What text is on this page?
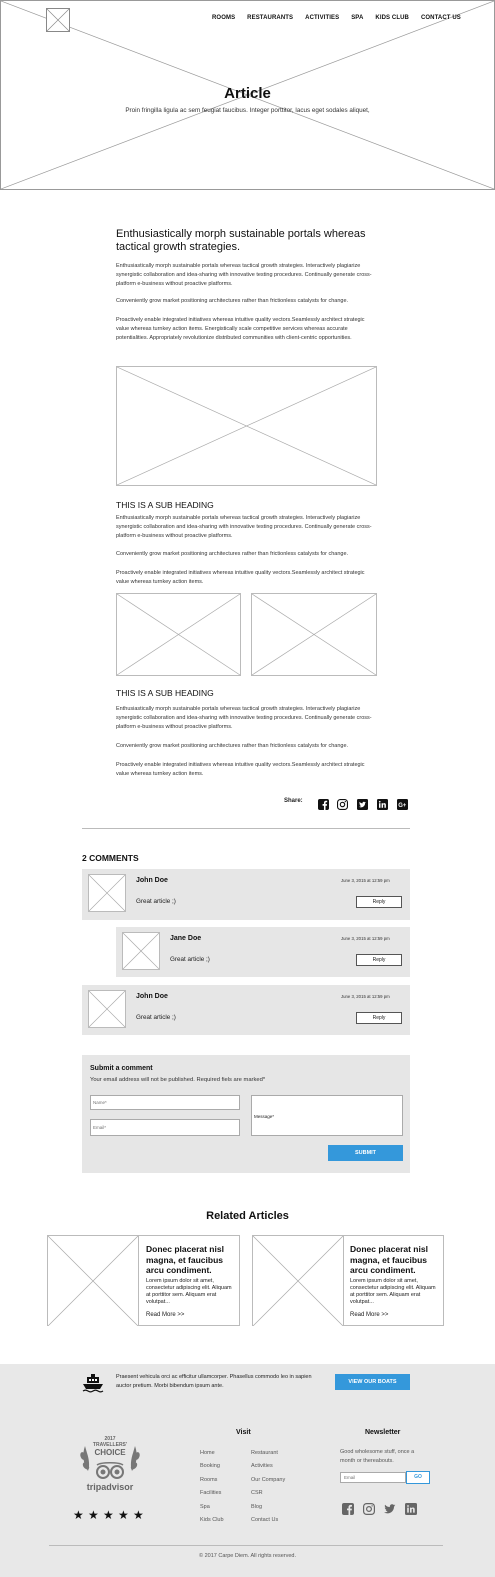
ROOMS RESTAURANTS ACTIVITIES SPA KIDS CLUB CONTACT US
Article
Proin fringilla ligula ac sem feugiat faucibus. Integer porttitor, lacus eget sodales aliquet,
Enthusiastically morph sustainable portals whereas tactical growth strategies.
Enthusiastically morph sustainable portals whereas tactical growth strategies. Interactively plagiarize synergistic collaboration and idea-sharing with innovative testing procedures. Continually generate cross-platform e-business without proactive platforms.
Conveniently grow market positioning architectures rather than frictionless catalysts for change.
Proactively enable integrated initiatives whereas intuitive quality vectors.Seamlessly architect strategic value whereas turnkey action items. Energistically scale competitive services whereas accurate potentialities. Appropriately revolutionize distributed communities with client-centric opportunities.
THIS IS A SUB HEADING
Enthusiastically morph sustainable portals whereas tactical growth strategies. Interactively plagiarize synergistic collaboration and idea-sharing with innovative testing procedures. Continually generate cross-platform e-business without proactive platforms.
Conveniently grow market positioning architectures rather than frictionless catalysts for change.
Proactively enable integrated initiatives whereas intuitive quality vectors.Seamlessly architect strategic value whereas turnkey action items.
THIS IS A SUB HEADING
Enthusiastically morph sustainable portals whereas tactical growth strategies. Interactively plagiarize synergistic collaboration and idea-sharing with innovative testing procedures. Continually generate cross-platform e-business without proactive platforms.
Conveniently grow market positioning architectures rather than frictionless catalysts for change.
Proactively enable integrated initiatives whereas intuitive quality vectors.Seamlessly architect strategic value whereas turnkey action items.
Share:
G+
2 COMMENTS
John Doe	June 3, 2015 at 12:59 pm
Great article ;)	Reply
Jane Doe	June 3, 2015 at 12:59 pm
Great article ;)	Reply
John Doe	June 3, 2015 at 12:59 pm
Great article ;)	Reply
Submit a comment
Your email address will not be published. Required fiels are marked*
Name*
Email*
Message*
SUBMIT
Related Articles
Donec placerat nisl magna, et faucibus arcu condiment.
Lorem ipsum dolor sit amet, consectetur adipiscing elit. Aliquam at porttitor sem. Aliquam erat volutpat...
Read More >>
Donec placerat nisl magna, et faucibus arcu condiment.
Lorem ipsum dolor sit amet, consectetur adipiscing elit. Aliquam at porttitor sem. Aliquam erat volutpat...
Read More >>
Praesent vehicula orci ac efficitur ullamcorper. Phasellus commodo leo in sapien auctor pretium. Morbi bibendum ipsum ante.
VIEW OUR BOATS
2017
TRAVELLERS'
CHOICE
tripadvisor
★ ★ ★ ★ ★
Visit
Home
Booking
Rooms
Facilities
Spa
Kids Club
Restaurant
Activities
Our Company
CSR
Blog
Contact Us
Newsletter
Good wholesome stuff, once a month or thereabouts.
Email
GO
© 2017 Carpe Diem. All rights reserved.
